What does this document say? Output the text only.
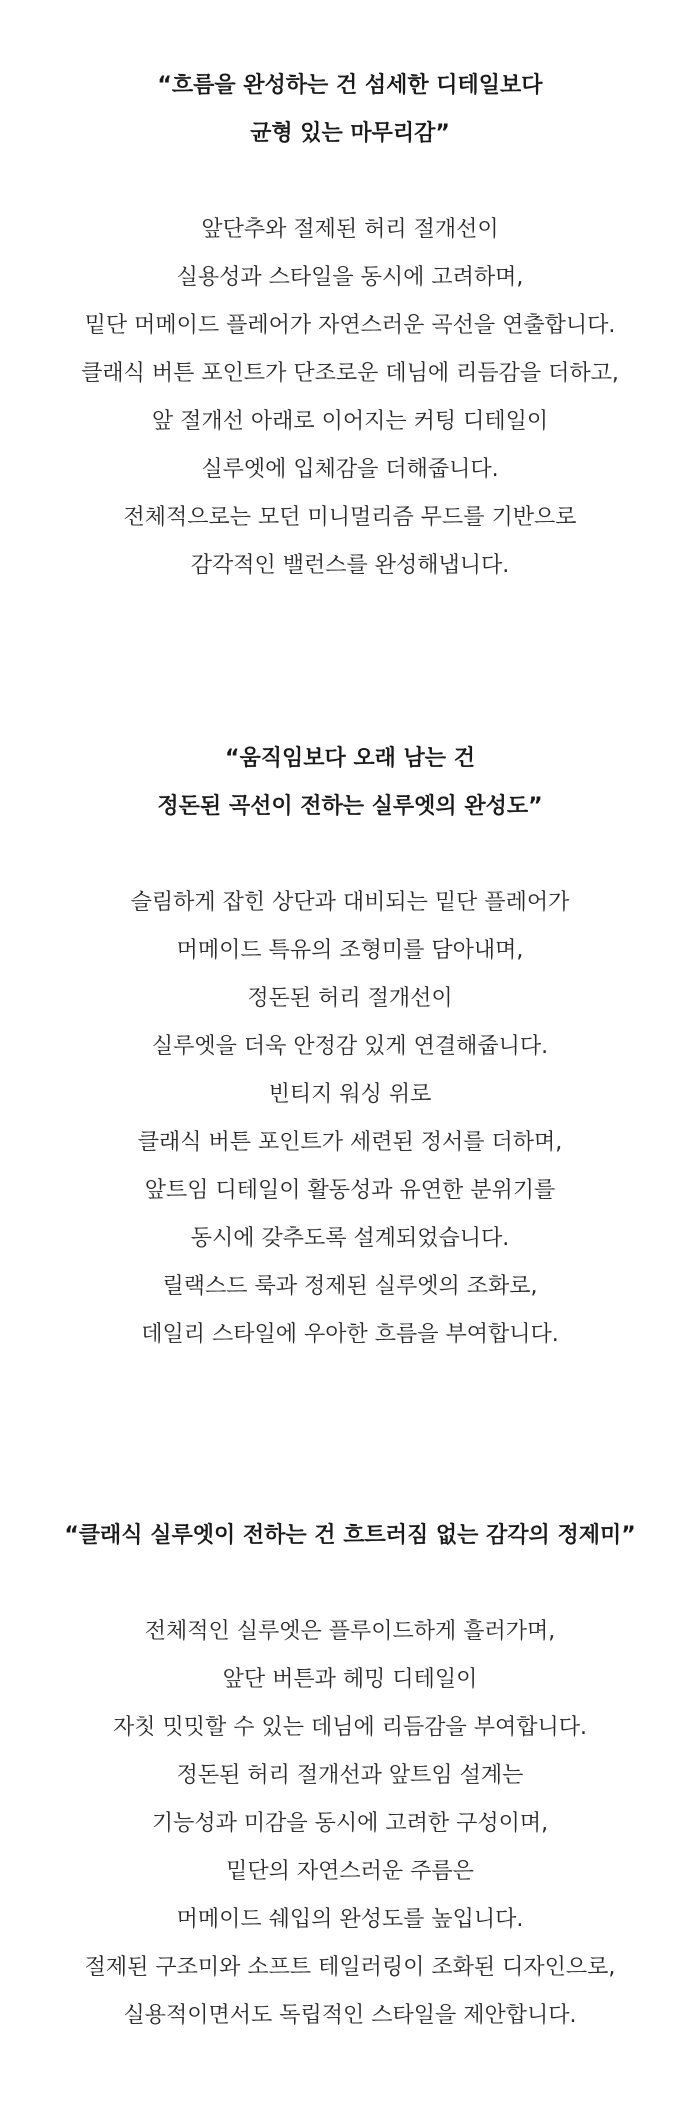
“흐름을 완성하는 건 섬세한 디테일보다
균형 있는 마무리감”
앞단추와 절제된 허리 절개선이
실용성과 스타일을 동시에 고려하며,
밑단 머메이드 플레어가 자연스러운 곡선을 연출합니다.
클래식 버튼 포인트가 단조로운 데님에 리듬감을 더하고,
앞 절개선 아래로 이어지는 커팅 디테일이
실루엣에 입체감을 더해줍니다.
전체적으로는 모던 미니멀리즘 무드를 기반으로
감각적인 밸런스를 완성해냅니다.
“움직임보다 오래 남는 건
정돈된 곡선이 전하는 실루엣의 완성도”
슬림하게 잡힌 상단과 대비되는 밑단 플레어가
머메이드 특유의 조형미를 담아내며,
정돈된 허리 절개선이
실루엣을 더욱 안정감 있게 연결해줍니다.
빈티지 워싱 위로
클래식 버튼 포인트가 세련된 정서를 더하며,
앞트임 디테일이 활동성과 유연한 분위기를
동시에 갖추도록 설계되었습니다.
릴랙스드 룩과 정제된 실루엣의 조화로,
데일리 스타일에 우아한 흐름을 부여합니다.
“클래식 실루엣이 전하는 건 흐트러짐 없는 감각의 정제미”
전체적인 실루엣은 플루이드하게 흘러가며,
앞단 버튼과 헤밍 디테일이
자칫 밋밋할 수 있는 데님에 리듬감을 부여합니다.
정돈된 허리 절개선과 앞트임 설계는
기능성과 미감을 동시에 고려한 구성이며,
밑단의 자연스러운 주름은
머메이드 쉐입의 완성도를 높입니다.
절제된 구조미와 소프트 테일러링이 조화된 디자인으로,
실용적이면서도 독립적인 스타일을 제안합니다.
